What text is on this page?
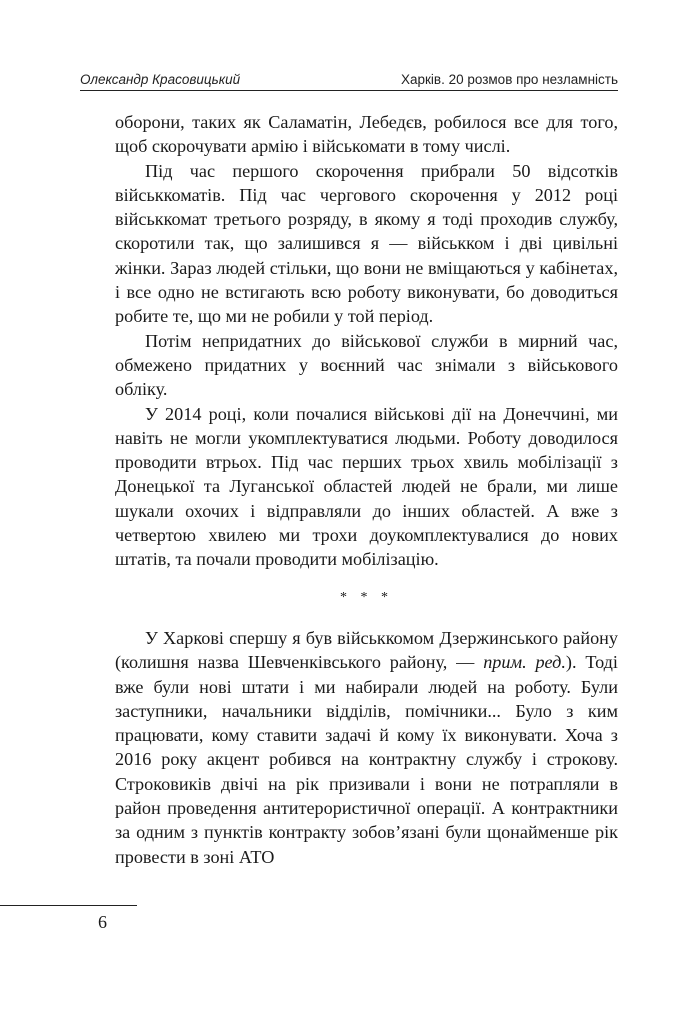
Олександр Красовицький	Харків. 20 розмов про незламність

оборони, таких як Саламатін, Лебедєв, робилося все для того, щоб скорочувати армію і військомати в тому числі.

Під час першого скорочення прибрали 50 відсотків військкоматів. Під час чергового скорочення у 2012 році військкомат третього розряду, в якому я тоді проходив службу, скоротили так, що залишився я — військком і дві цивільні жінки. Зараз людей стільки, що вони не вміщаються у кабінетах, і все одно не встигають всю роботу виконувати, бо доводиться робите те, що ми не робили у той період.

Потім непридатних до військової служби в мирний час, обмежено придатних у воєнний час знімали з військового обліку.

У 2014 році, коли почалися військові дії на Донеччині, ми навіть не могли укомплектуватися людьми. Роботу доводилося проводити втрьох. Під час перших трьох хвиль мобілізації з Донецької та Луганської областей людей не брали, ми лише шукали охочих і відправляли до інших областей. А вже з четвертою хвилею ми трохи доукомплектувалися до нових штатів, та почали проводити мобілізацію.

* * *

У Харкові спершу я був військкомом Дзержинського району (колишня назва Шевченківського району, — прим. ред.). Тоді вже були нові штати і ми набирали людей на роботу. Були заступники, начальники відділів, помічники... Було з ким працювати, кому ставити задачі й кому їх виконувати. Хоча з 2016 року акцент робився на контрактну службу і строкову. Строковиків двічі на рік призивали і вони не потрапляли в район проведення антитерористичної операції. А контрактники за одним з пунктів контракту зобов’язані були щонайменше рік провести в зоні АТО

6
